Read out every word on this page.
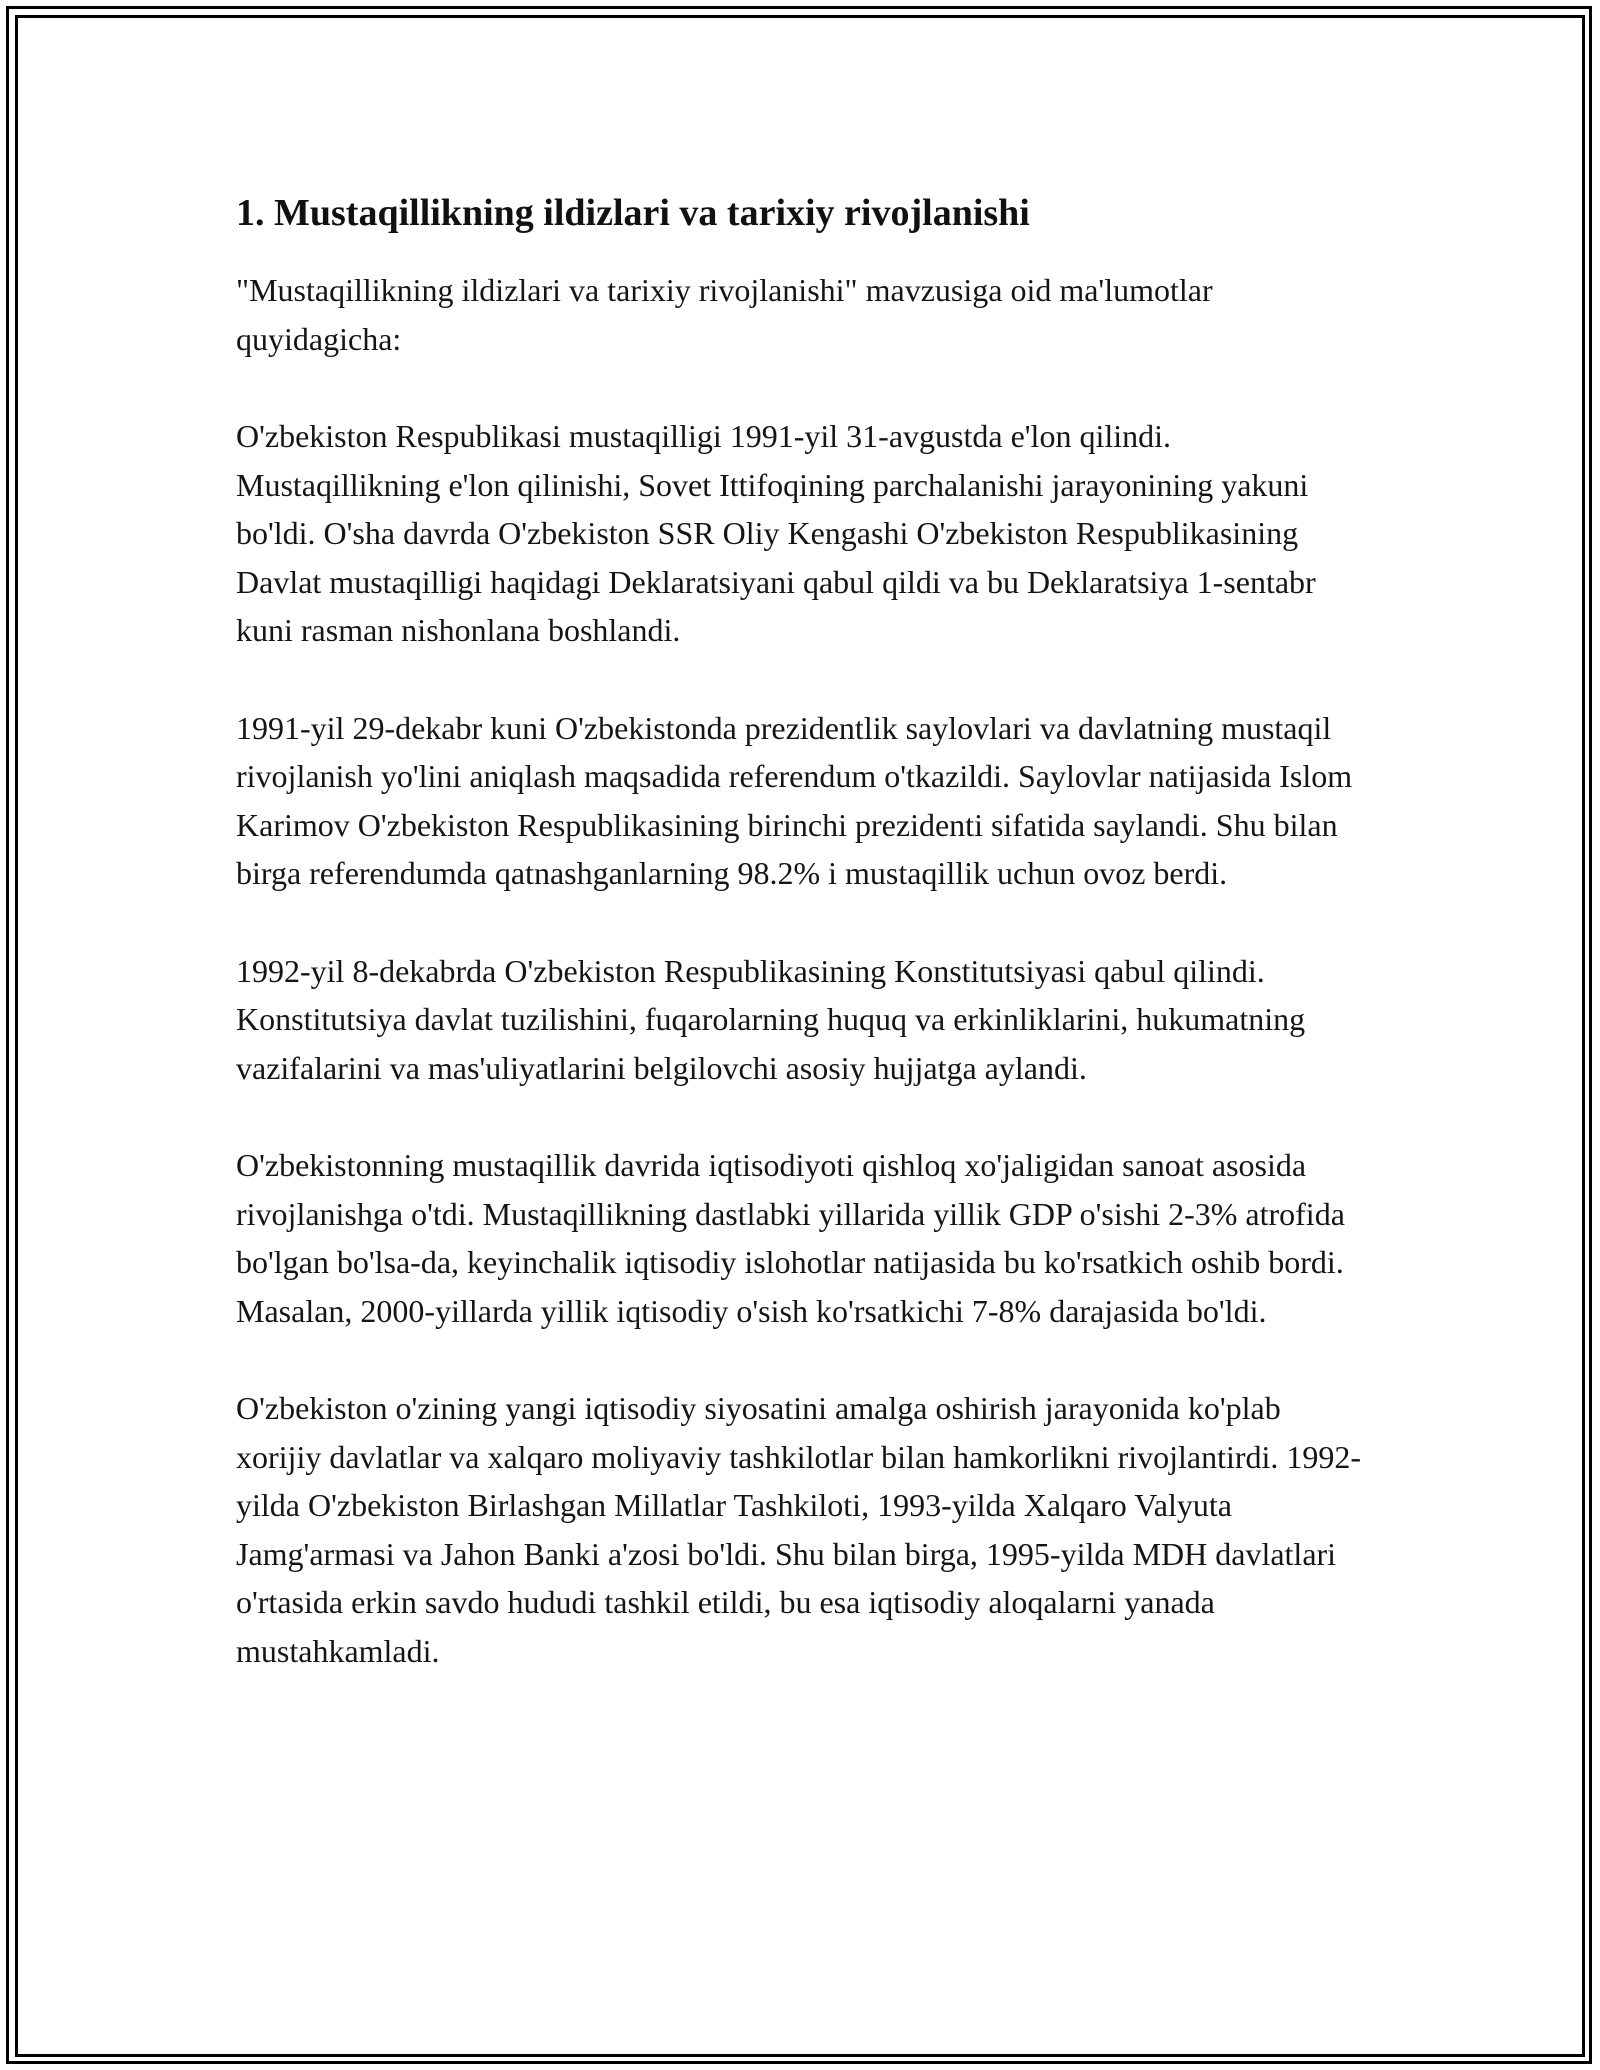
1. Mustaqillikning ildizlari va tarixiy rivojlanishi

"Mustaqillikning ildizlari va tarixiy rivojlanishi" mavzusiga oid ma'lumotlar quyidagicha:

O'zbekiston Respublikasi mustaqilligi 1991-yil 31-avgustda e'lon qilindi. Mustaqillikning e'lon qilinishi, Sovet Ittifoqining parchalanishi jarayonining yakuni bo'ldi. O'sha davrda O'zbekiston SSR Oliy Kengashi O'zbekiston Respublikasining Davlat mustaqilligi haqidagi Deklaratsiyani qabul qildi va bu Deklaratsiya 1-sentabr kuni rasman nishonlana boshlandi.

1991-yil 29-dekabr kuni O'zbekistonda prezidentlik saylovlari va davlatning mustaqil rivojlanish yo'lini aniqlash maqsadida referendum o'tkazildi. Saylovlar natijasida Islom Karimov O'zbekiston Respublikasining birinchi prezidenti sifatida saylandi. Shu bilan birga referendumda qatnashganlarning 98.2% i mustaqillik uchun ovoz berdi.

1992-yil 8-dekabrda O'zbekiston Respublikasining Konstitutsiyasi qabul qilindi. Konstitutsiya davlat tuzilishini, fuqarolarning huquq va erkinliklarini, hukumatning vazifalarini va mas'uliyatlarini belgilovchi asosiy hujjatga aylandi.

O'zbekistonning mustaqillik davrida iqtisodiyoti qishloq xo'jaligidan sanoat asosida rivojlanishga o'tdi. Mustaqillikning dastlabki yillarida yillik GDP o'sishi 2-3% atrofida bo'lgan bo'lsa-da, keyinchalik iqtisodiy islohotlar natijasida bu ko'rsatkich oshib bordi. Masalan, 2000-yillarda yillik iqtisodiy o'sish ko'rsatkichi 7-8% darajasida bo'ldi.

O'zbekiston o'zining yangi iqtisodiy siyosatini amalga oshirish jarayonida ko'plab xorijiy davlatlar va xalqaro moliyaviy tashkilotlar bilan hamkorlikni rivojlantirdi. 1992-yilda O'zbekiston Birlashgan Millatlar Tashkiloti, 1993-yilda Xalqaro Valyuta Jamg'armasi va Jahon Banki a'zosi bo'ldi. Shu bilan birga, 1995-yilda MDH davlatlari o'rtasida erkin savdo hududi tashkil etildi, bu esa iqtisodiy aloqalarni yanada mustahkamladi.
